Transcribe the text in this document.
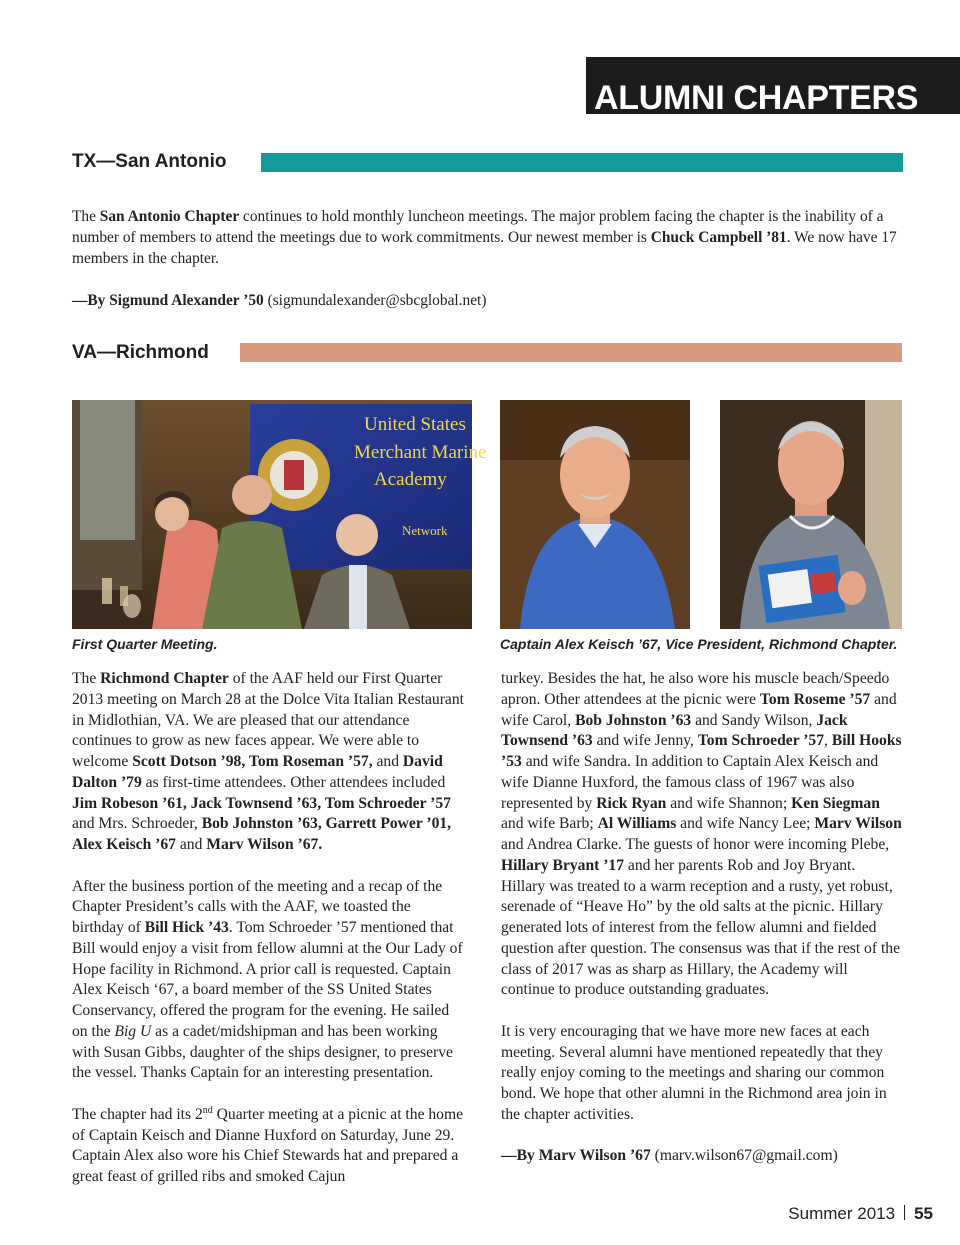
ALUMNI CHAPTERS
TX—San Antonio

The San Antonio Chapter continues to hold monthly luncheon meetings. The major problem facing the chapter is the inability of a number of members to attend the meetings due to work commitments. Our newest member is Chuck Campbell ’81. We now have 17 members in the chapter.

—By Sigmund Alexander ’50 (sigmundalexander@sbcglobal.net)

VA—Richmond
United States
Merchant Marine
Academy
Network
First Quarter Meeting.	Captain Alex Keisch ’67, Vice President, Richmond Chapter.

The Richmond Chapter of the AAF held our First Quarter 2013 meeting on March 28 at the Dolce Vita Italian Restaurant in Midlothian, VA. We are pleased that our attendance continues to grow as new faces appear. We were able to welcome Scott Dotson ’98, Tom Roseman ’57, and David Dalton ’79 as first-time attendees. Other attendees included Jim Robeson ’61, Jack Townsend ’63, Tom Schroeder ’57 and Mrs. Schroeder, Bob Johnston ’63, Garrett Power ’01, Alex Keisch ’67 and Marv Wilson ’67.

After the business portion of the meeting and a recap of the Chapter President’s calls with the AAF, we toasted the birthday of Bill Hick ’43. Tom Schroeder ’57 mentioned that Bill would enjoy a visit from fellow alumni at the Our Lady of Hope facility in Richmond. A prior call is requested. Captain Alex Keisch ‘67, a board member of the SS United States Conservancy, offered the program for the evening. He sailed on the Big U as a cadet/midshipman and has been working with Susan Gibbs, daughter of the ships designer, to preserve the vessel. Thanks Captain for an interesting presentation.

The chapter had its 2nd Quarter meeting at a picnic at the home of Captain Keisch and Dianne Huxford on Saturday, June 29. Captain Alex also wore his Chief Stewards hat and prepared a great feast of grilled ribs and smoked Cajun

turkey. Besides the hat, he also wore his muscle beach/Speedo apron. Other attendees at the picnic were Tom Roseme ’57 and wife Carol, Bob Johnston ’63 and Sandy Wilson, Jack Townsend ’63 and wife Jenny, Tom Schroeder ’57, Bill Hooks ’53 and wife Sandra. In addition to Captain Alex Keisch and wife Dianne Huxford, the famous class of 1967 was also represented by Rick Ryan and wife Shannon; Ken Siegman and wife Barb; Al Williams and wife Nancy Lee; Marv Wilson and Andrea Clarke. The guests of honor were incoming Plebe, Hillary Bryant ’17 and her parents Rob and Joy Bryant. Hillary was treated to a warm reception and a rusty, yet robust, serenade of “Heave Ho” by the old salts at the picnic. Hillary generated lots of interest from the fellow alumni and fielded question after question. The consensus was that if the rest of the class of 2017 was as sharp as Hillary, the Academy will continue to produce outstanding graduates.

It is very encouraging that we have more new faces at each meeting. Several alumni have mentioned repeatedly that they really enjoy coming to the meetings and sharing our common bond. We hope that other alumni in the Richmond area join in the chapter activities.

—By Marv Wilson ’67 (marv.wilson67@gmail.com)

Summer 2013 55
